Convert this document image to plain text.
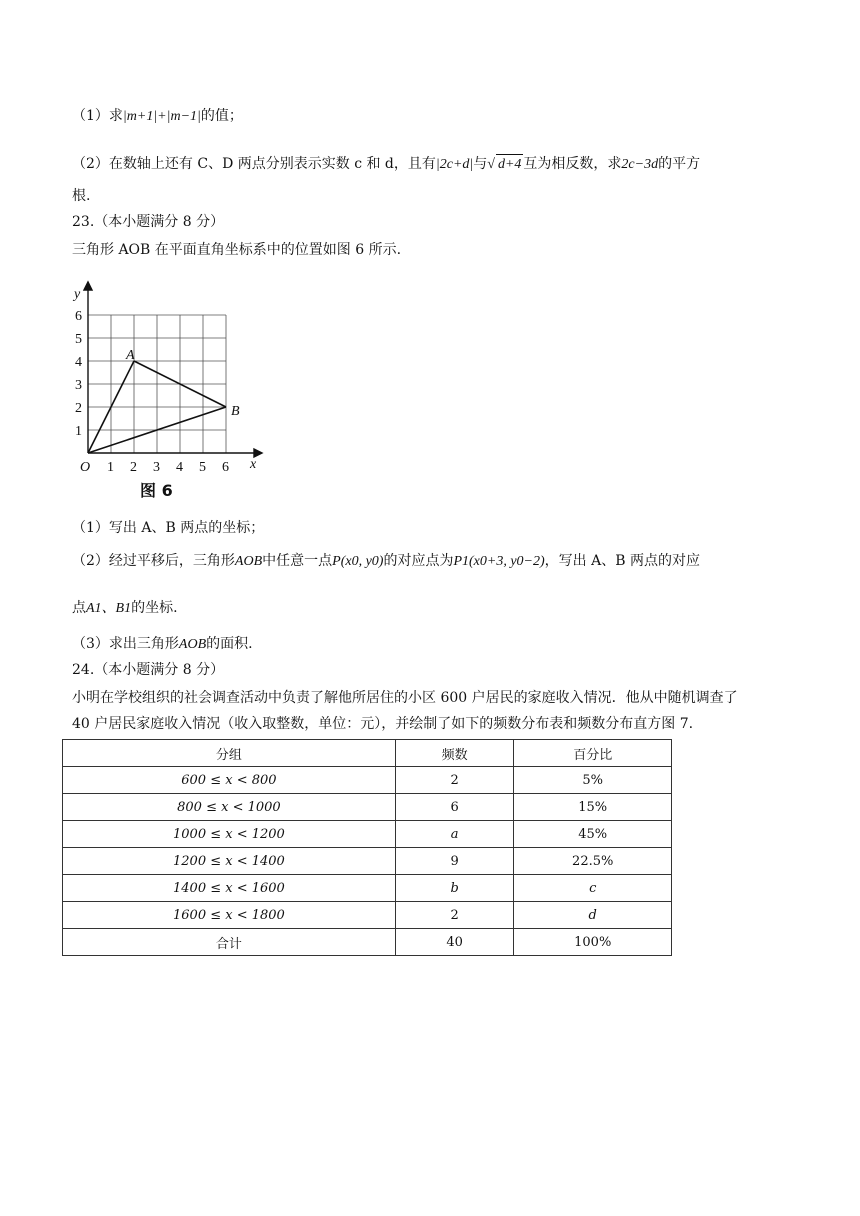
（1）求|m+1|+|m−1|的值；
（2）在数轴上还有 C、D 两点分别表示实数 c 和 d，且有|2c+d|与√ d+4 互为相反数，求2c−3d的平方
根.
23.（本小题满分 8 分）
三角形 AOB 在平面直角坐标系中的位置如图 6 所示.
y
x
O
A
B
1 2 3 4 5 6
1
2
3
4
5
6
图 6
（1）写出 A、B 两点的坐标；
（2）经过平移后，三角形AOB中任意一点P(x0, y0)的对应点为P1(x0+3, y0−2)，写出 A、B 两点的对应
点A1、B1的坐标.
（3）求出三角形AOB的面积.
24.（本小题满分 8 分）
小明在学校组织的社会调查活动中负责了解他所居住的小区 600 户居民的家庭收入情况．他从中随机调查了
40 户居民家庭收入情况（收入取整数，单位：元），并绘制了如下的频数分布表和频数分布直方图 7.
分组	频数	百分比
600 ≤ x < 800	2	5%
800 ≤ x < 1000	6	15%
1000 ≤ x < 1200	a	45%
1200 ≤ x < 1400	9	22.5%
1400 ≤ x < 1600	b	c
1600 ≤ x < 1800	2	d
合计	40	100%
